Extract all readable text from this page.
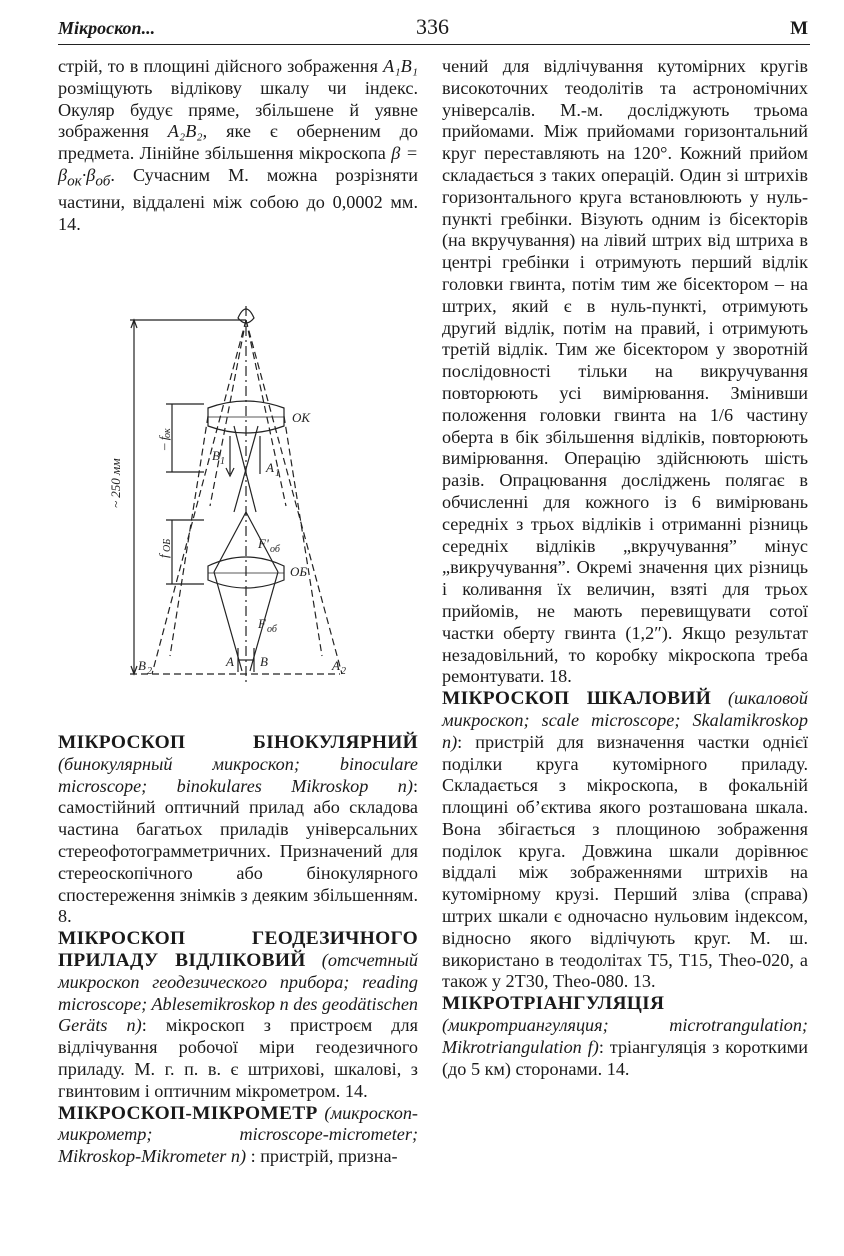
Мікроскоп...	336	М

стрій, то в площині дійсного зображення A₁B₁ розміщують відлікову шкалу чи індекс. Окуляр будує пряме, збільшене й уявне зображення A₂B₂, яке є оберненим до предмета. Лінійне збільшення мікроскопа $\beta = \beta_{ок}\cdot\beta_{об}$. Сучасним М. можна розрізняти частини, віддалені між собою до 0,0002 мм. 14.

ОК
ОБ
~ 250 мм
– f
ок
f
ОБ	F' об
F об
B 1	A 1
A B
B 2	A 2

МІКРОСКОП БІНОКУЛЯРНИЙ (бинокулярный микроскоп; binoculare microscope; binokulares Mikroskop n): самостійний оптичний прилад або складова частина багатьох приладів універсальних стереофотограмметричних. Призначений для стереоскопічного або бінокулярного спостереження знімків з деяким збільшенням. 8.

МІКРОСКОП ГЕОДЕЗИЧНОГО ПРИЛАДУ ВІДЛІКОВИЙ (отсчетный микроскоп геодезического прибора; reading microscope; Ablesemikroskop n des geodätischen Geräts n): мікроскоп з пристроєм для відлічування робочої міри геодезичного приладу. М. г. п. в. є штрихові, шкалові, з гвинтовим і оптичним мікрометром. 14.

МІКРОСКОП-МІКРОМЕТР (микроскоп-микрометр; microscope-micrometer; Mikroskop-Mikrometer n) : пристрій, призна-

чений для відлічування кутомірних кругів високоточних теодолітів та астрономічних універсалів. М.-м. досліджують трьома прийомами. Між прийомами горизонтальний круг переставляють на 120°. Кожний прийом складається з таких операцій. Один зі штрихів горизонтального круга встановлюють у нуль-пункті гребінки. Візують одним із бісекторів (на вкручування) на лівий штрих від штриха в центрі гребінки і отримують перший відлік головки гвинта, потім тим же бісектором – на штрих, який є в нуль-пункті, отримують другий відлік, потім на правий, і отримують третій відлік. Тим же бісектором у зворотній послідовності тільки на викручування повторюють усі вимірювання. Змінивши положення головки гвинта на 1/6 частину оберта в бік збільшення відліків, повторюють вимірювання. Операцію здійснюють шість разів. Опрацювання досліджень полягає в обчисленні для кожного із 6 вимірювань середніх з трьох відліків і отриманні різниць середніх відліків „вкручування” мінус „викручування”. Окремі значення цих різниць і коливання їх величин, взяті для трьох прийомів, не мають перевищувати сотої частки оберту гвинта (1,2″). Якщо результат незадовільний, то коробку мікроскопа треба ремонтувати. 18.

МІКРОСКОП ШКАЛОВИЙ (шкаловой микроскоп; scale microscope; Skalamikroskop n): пристрій для визначення частки однієї поділки круга кутомірного приладу. Складається з мікроскопа, в фокальній площині об’єктива якого розташована шкала. Вона збігається з площиною зображення поділок круга. Довжина шкали дорівнює віддалі між зображеннями штрихів на кутомірному крузі. Перший зліва (справа) штрих шкали є одночасно нульовим індексом, відносно якого відлічують круг. М. ш. використано в теодолітах Т5, Т15, Theo-020, а також у 2Т30, Theo-080. 13.

МІКРОТРІАНГУЛЯЦІЯ (микротриангуляция; microtrangulation; Mikrotriangulation f): тріангуляція з короткими (до 5 км) сторонами. 14.
